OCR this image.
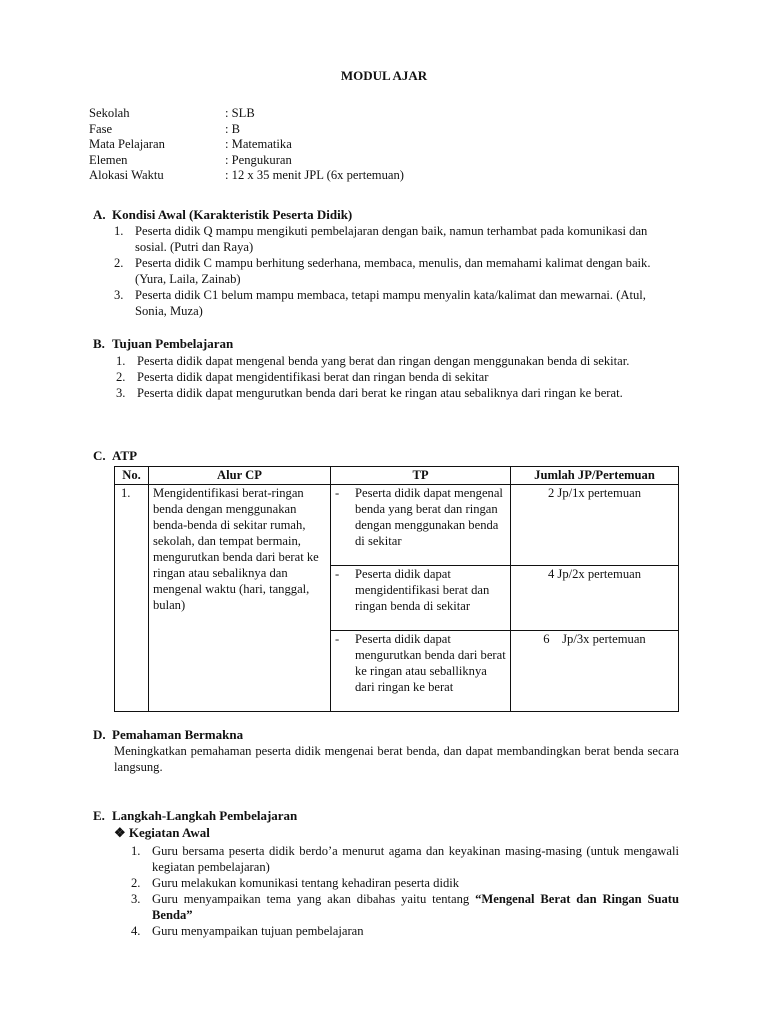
MODUL AJAR
Sekolah	: SLB
Fase	: B
Mata Pelajaran	: Matematika
Elemen	: Pengukuran
Alokasi Waktu	: 12 x 35 menit JPL (6x pertemuan)
A. Kondisi Awal (Karakteristik Peserta Didik)
1. Peserta didik Q mampu mengikuti pembelajaran dengan baik, namun terhambat pada komunikasi dan sosial. (Putri dan Raya)
2. Peserta didik C mampu berhitung sederhana, membaca, menulis, dan memahami kalimat dengan baik. (Yura, Laila, Zainab)
3. Peserta didik C1 belum mampu membaca, tetapi mampu menyalin kata/kalimat dan mewarnai. (Atul, Sonia, Muza)
B. Tujuan Pembelajaran
1. Peserta didik dapat mengenal benda yang berat dan ringan dengan menggunakan benda di sekitar.
2. Peserta didik dapat mengidentifikasi berat dan ringan benda di sekitar
3. Peserta didik dapat mengurutkan benda dari berat ke ringan atau sebaliknya dari ringan ke berat.
C. ATP
No.	Alur CP	TP	Jumlah JP/Pertemuan
1.	Mengidentifikasi berat-ringan benda dengan menggunakan benda-benda di sekitar rumah, sekolah, dan tempat bermain, mengurutkan benda dari berat ke ringan atau sebaliknya dan mengenal waktu (hari, tanggal, bulan)	- Peserta didik dapat mengenal benda yang berat dan ringan dengan menggunakan benda di sekitar	2 Jp/1x pertemuan

		- Peserta didik dapat mengidentifikasi berat dan ringan benda di sekitar	4 Jp/2x pertemuan

		- Peserta didik dapat mengurutkan benda dari berat ke ringan atau seballiknya dari ringan ke berat	6    Jp/3x pertemuan
D. Pemahaman Bermakna
Meningkatkan pemahaman peserta didik mengenai berat benda, dan dapat membandingkan berat benda secara langsung.
E. Langkah-Langkah Pembelajaran
❖ Kegiatan Awal
1. Guru bersama peserta didik berdo’a menurut agama dan keyakinan masing-masing (untuk mengawali kegiatan pembelajaran)
2. Guru melakukan komunikasi tentang kehadiran peserta didik
3. Guru menyampaikan tema yang akan dibahas yaitu tentang “Mengenal Berat dan Ringan Suatu Benda”
4. Guru menyampaikan tujuan pembelajaran
